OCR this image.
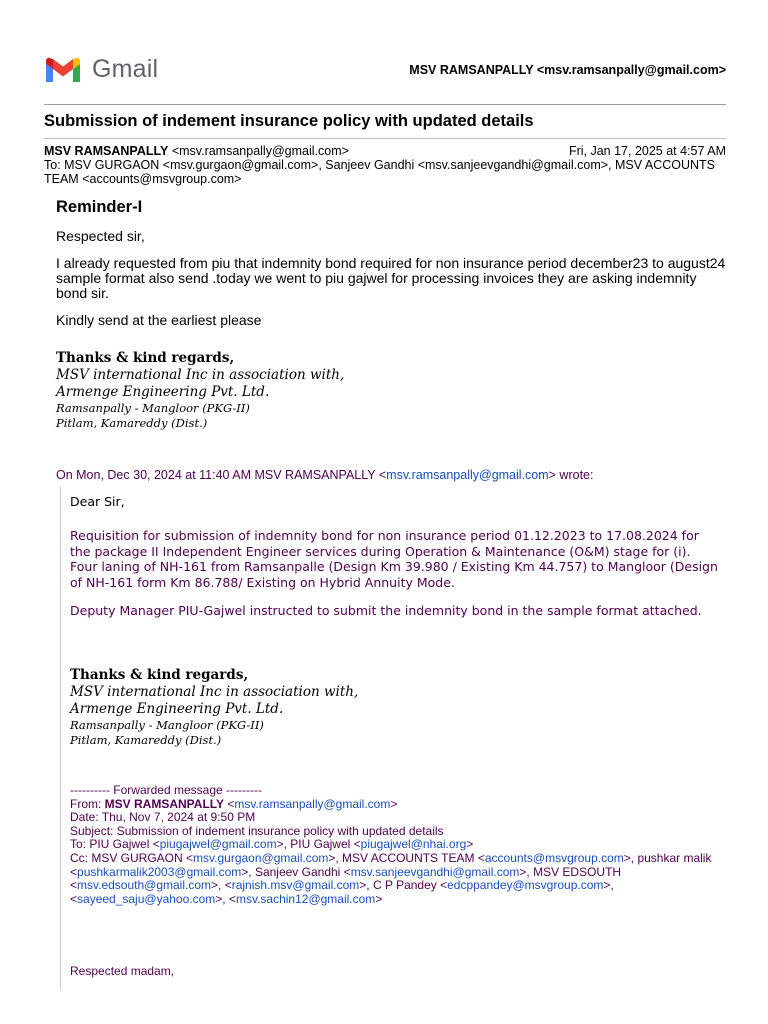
Gmail	MSV RAMSANPALLY <msv.ramsanpally@gmail.com>
Submission of indement insurance policy with updated details
MSV RAMSANPALLY <msv.ramsanpally@gmail.com>	Fri, Jan 17, 2025 at 4:57 AM
To: MSV GURGAON <msv.gurgaon@gmail.com>, Sanjeev Gandhi <msv.sanjeevgandhi@gmail.com>, MSV ACCOUNTS TEAM <accounts@msvgroup.com>
Reminder-I

Respected sir,

I already requested from piu that indemnity bond required for non insurance period december23 to august24 sample format also send .today we went to piu gajwel for processing invoices they are asking indemnity bond sir.

Kindly send at the earliest please

Thanks & kind regards,
MSV international Inc in association with,
Armenge Engineering Pvt. Ltd.
Ramsanpally - Mangloor (PKG-II)
Pitlam, Kamareddy (Dist.)
On Mon, Dec 30, 2024 at 11:40 AM MSV RAMSANPALLY <msv.ramsanpally@gmail.com> wrote:
Dear Sir,

Requisition for submission of indemnity bond for non insurance period 01.12.2023 to 17.08.2024 for the package II Independent Engineer services during Operation & Maintenance (O&M) stage for (i). Four laning of NH-161 from Ramsanpalle (Design Km 39.980 / Existing Km 44.757) to Mangloor (Design of NH-161 form Km 86.788/ Existing on Hybrid Annuity Mode.

Deputy Manager PIU-Gajwel instructed to submit the indemnity bond in the sample format attached.

Thanks & kind regards,
MSV international Inc in association with,
Armenge Engineering Pvt. Ltd.
Ramsanpally - Mangloor (PKG-II)
Pitlam, Kamareddy (Dist.)
---------- Forwarded message ---------
From: MSV RAMSANPALLY <msv.ramsanpally@gmail.com>
Date: Thu, Nov 7, 2024 at 9:50 PM
Subject: Submission of indement insurance policy with updated details
To: PIU Gajwel <piugajwel@gmail.com>, PIU Gajwel <piugajwel@nhai.org>
Cc: MSV GURGAON <msv.gurgaon@gmail.com>, MSV ACCOUNTS TEAM <accounts@msvgroup.com>, pushkar malik <pushkarmalik2003@gmail.com>, Sanjeev Gandhi <msv.sanjeevgandhi@gmail.com>, MSV EDSOUTH <msv.edsouth@gmail.com>, <rajnish.msv@gmail.com>, C P Pandey <edcppandey@msvgroup.com>, <sayeed_saju@yahoo.com>, <msv.sachin12@gmail.com>
Respected madam,
